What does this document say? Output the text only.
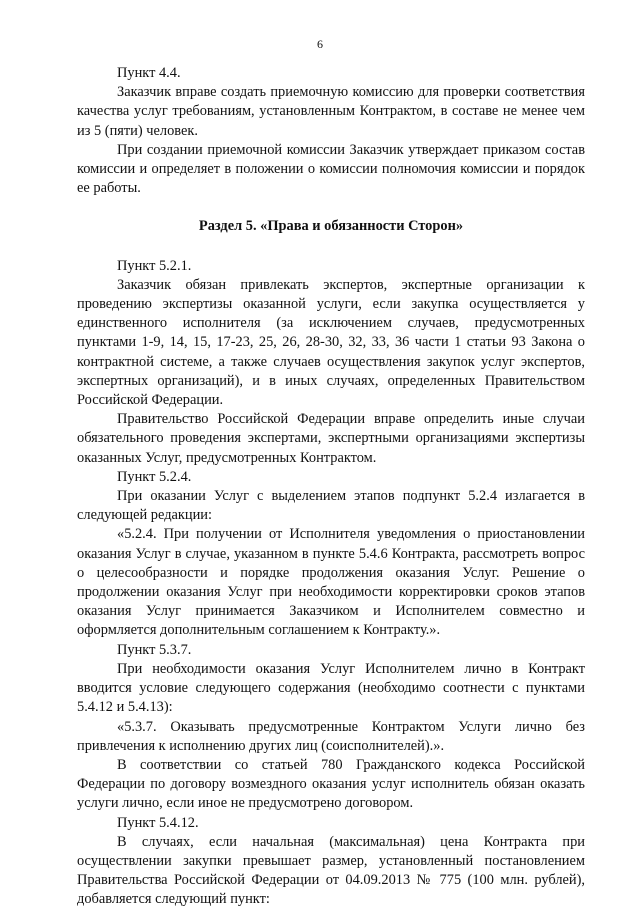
6

Пункт 4.4.

Заказчик вправе создать приемочную комиссию для проверки соответствия качества услуг требованиям, установленным Контрактом, в составе не менее чем из 5 (пяти) человек.

При создании приемочной комиссии Заказчик утверждает приказом состав комиссии и определяет в положении о комиссии полномочия комиссии и порядок ее работы.

Раздел 5. «Права и обязанности Сторон»

Пункт 5.2.1.

Заказчик обязан привлекать экспертов, экспертные организации к проведению экспертизы оказанной услуги, если закупка осуществляется у единственного исполнителя (за исключением случаев, предусмотренных пунктами 1-9, 14, 15, 17-23, 25, 26, 28-30, 32, 33, 36 части 1 статьи 93 Закона о контрактной системе, а также случаев осуществления закупок услуг экспертов, экспертных организаций), и в иных случаях, определенных Правительством Российской Федерации.

Правительство Российской Федерации вправе определить иные случаи обязательного проведения экспертами, экспертными организациями экспертизы оказанных Услуг, предусмотренных Контрактом.

Пункт 5.2.4.

При оказании Услуг с выделением этапов подпункт 5.2.4 излагается в следующей редакции:

«5.2.4. При получении от Исполнителя уведомления о приостановлении оказания Услуг в случае, указанном в пункте 5.4.6 Контракта, рассмотреть вопрос о целесообразности и порядке продолжения оказания Услуг. Решение о продолжении оказания Услуг при необходимости корректировки сроков этапов оказания Услуг принимается Заказчиком и Исполнителем совместно и оформляется дополнительным соглашением к Контракту.».

Пункт 5.3.7.

При необходимости оказания Услуг Исполнителем лично в Контракт вводится условие следующего содержания (необходимо соотнести с пунктами 5.4.12 и 5.4.13):

«5.3.7. Оказывать предусмотренные Контрактом Услуги лично без привлечения к исполнению других лиц (соисполнителей).».

В соответствии со статьей 780 Гражданского кодекса Российской Федерации по договору возмездного оказания услуг исполнитель обязан оказать услуги лично, если иное не предусмотрено договором.

Пункт 5.4.12.

В случаях, если начальная (максимальная) цена Контракта при осуществлении закупки превышает размер, установленный постановлением Правительства Российской Федерации от 04.09.2013 № 775 (100 млн. рублей), добавляется следующий пункт:
